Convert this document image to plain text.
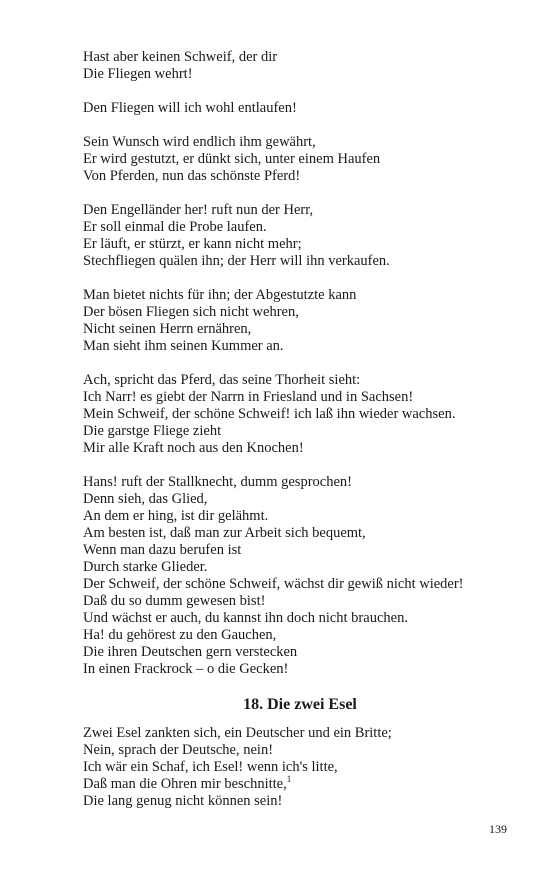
Hast aber keinen Schweif, der dir
Die Fliegen wehrt!
Den Fliegen will ich wohl entlaufen!
Sein Wunsch wird endlich ihm gewährt,
Er wird gestutzt, er dünkt sich, unter einem Haufen
Von Pferden, nun das schönste Pferd!
Den Engelländer her! ruft nun der Herr,
Er soll einmal die Probe laufen.
Er läuft, er stürzt, er kann nicht mehr;
Stechfliegen quälen ihn; der Herr will ihn verkaufen.
Man bietet nichts für ihn; der Abgestutzte kann
Der bösen Fliegen sich nicht wehren,
Nicht seinen Herrn ernähren,
Man sieht ihm seinen Kummer an.
Ach, spricht das Pferd, das seine Thorheit sieht:
Ich Narr! es giebt der Narrn in Friesland und in Sachsen!
Mein Schweif, der schöne Schweif! ich laß ihn wieder wachsen.
Die garstge Fliege zieht
Mir alle Kraft noch aus den Knochen!
Hans! ruft der Stallknecht, dumm gesprochen!
Denn sieh, das Glied,
An dem er hing, ist dir gelähmt.
Am besten ist, daß man zur Arbeit sich bequemt,
Wenn man dazu berufen ist
Durch starke Glieder.
Der Schweif, der schöne Schweif, wächst dir gewiß nicht wieder!
Daß du so dumm gewesen bist!
Und wächst er auch, du kannst ihn doch nicht brauchen.
Ha! du gehörest zu den Gauchen,
Die ihren Deutschen gern verstecken
In einen Frackrock – o die Gecken!
18. Die zwei Esel
Zwei Esel zankten sich, ein Deutscher und ein Britte;
Nein, sprach der Deutsche, nein!
Ich wär ein Schaf, ich Esel! wenn ich's litte,
Daß man die Ohren mir beschnitte,$^1$
Die lang genug nicht können sein!
139
